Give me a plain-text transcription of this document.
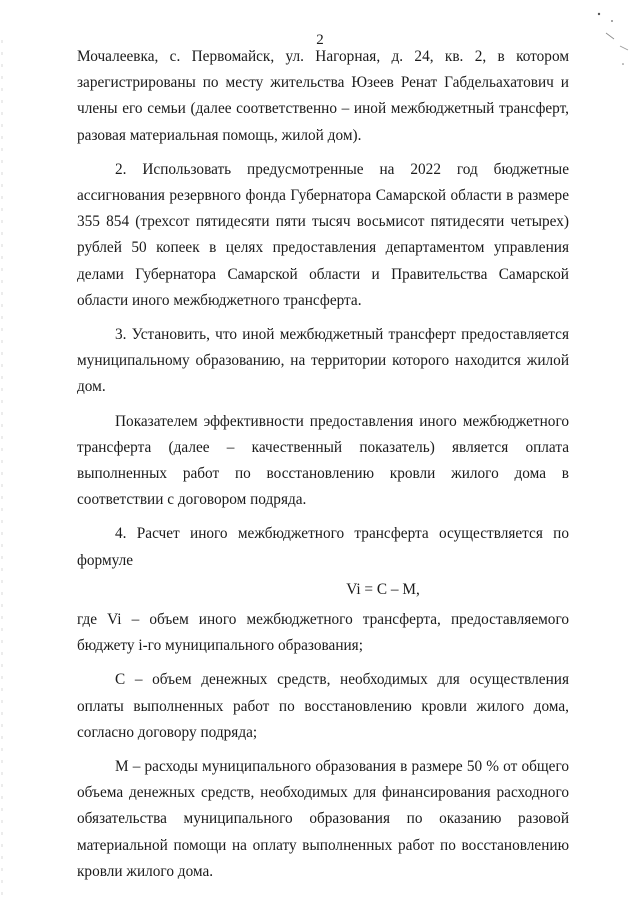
2

Мочалеевка, с. Первомайск, ул. Нагорная, д. 24, кв. 2, в котором зарегистрированы по месту жительства Юзеев Ренат Габдельахатович и члены его семьи (далее соответственно – иной межбюджетный трансферт, разовая материальная помощь, жилой дом).

2. Использовать предусмотренные на 2022 год бюджетные ассигнования резервного фонда Губернатора Самарской области в размере 355 854 (трехсот пятидесяти пяти тысяч восьмисот пятидесяти четырех) рублей 50 копеек в целях предоставления департаментом управления делами Губернатора Самарской области и Правительства Самарской области иного межбюджетного трансферта.

3. Установить, что иной межбюджетный трансферт предоставляется муниципальному образованию, на территории которого находится жилой дом.

Показателем эффективности предоставления иного межбюджетного трансферта (далее – качественный показатель) является оплата выполненных работ по восстановлению кровли жилого дома в соответствии с договором подряда.

4. Расчет иного межбюджетного трансферта осуществляется по формуле

Vi = C – M,

где Vi – объем иного межбюджетного трансферта, предоставляемого бюджету i-го муниципального образования;

C – объем денежных средств, необходимых для осуществления оплаты выполненных работ по восстановлению кровли жилого дома, согласно договору подряда;

M – расходы муниципального образования в размере 50 % от общего объема денежных средств, необходимых для финансирования расходного обязательства муниципального образования по оказанию разовой материальной помощи на оплату выполненных работ по восстановлению кровли жилого дома.
